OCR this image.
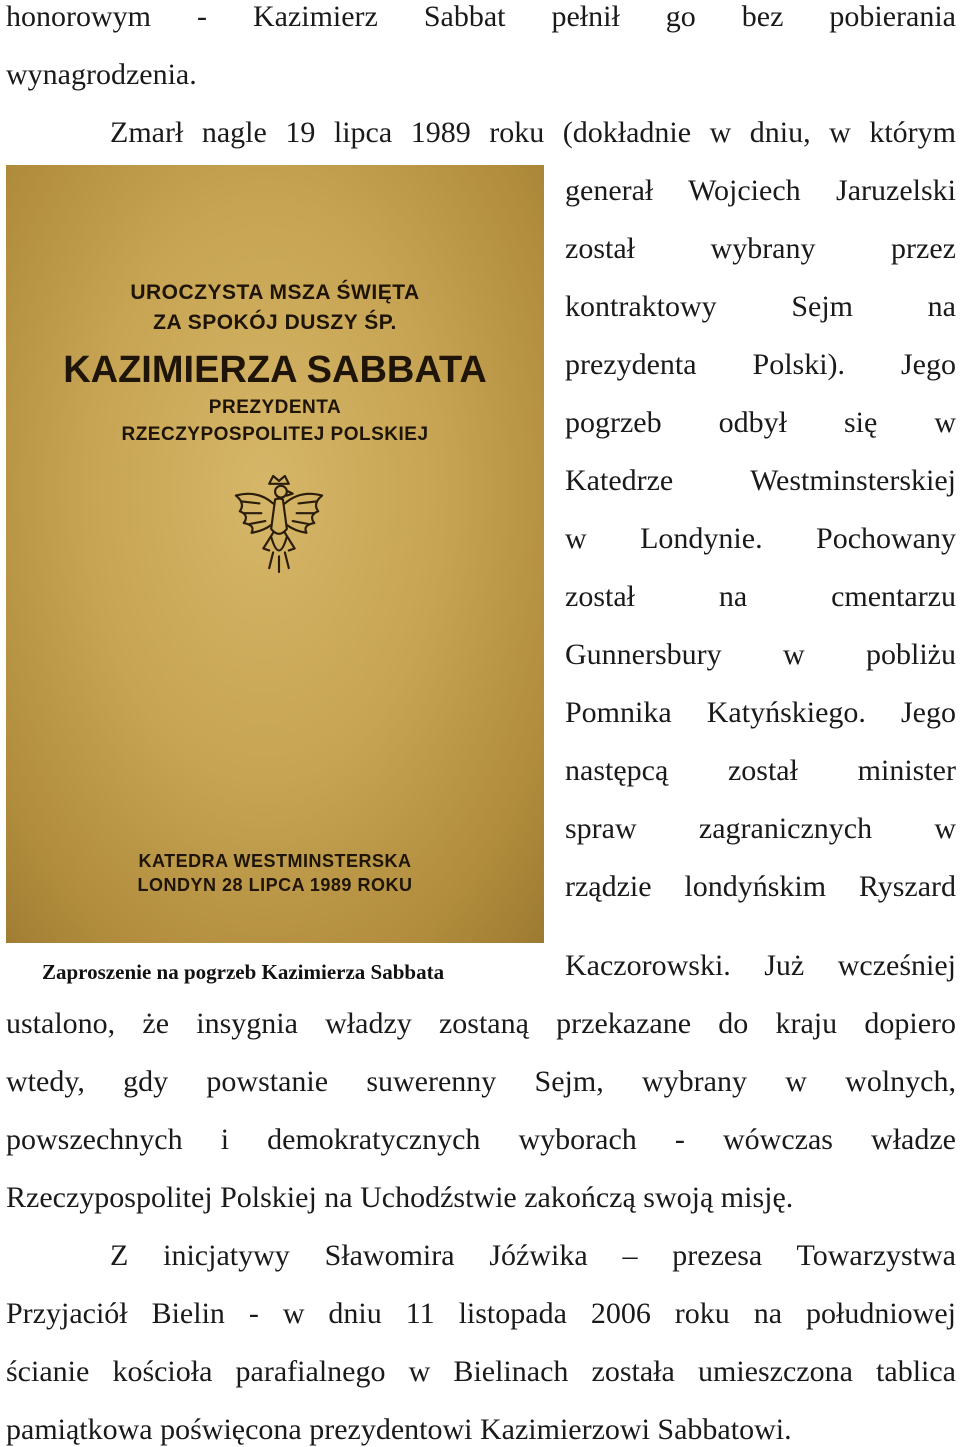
honorowym - Kazimierz Sabbat pełnił go bez pobierania
wynagrodzenia.
Zmarł nagle 19 lipca 1989 roku (dokładnie w dniu, w którym
UROCZYSTA MSZA ŚWIĘTA
ZA SPOKÓJ DUSZY ŚP.
KAZIMIERZA SABBATA
PREZYDENTA
RZECZYPOSPOLITEJ POLSKIEJ
KATEDRA WESTMINSTERSKA
LONDYN 28 LIPCA 1989 ROKU
generał Wojciech Jaruzelski
został wybrany przez
kontraktowy Sejm na
prezydenta Polski). Jego
pogrzeb odbył się w
Katedrze Westminsterskiej
w Londynie. Pochowany
został na cmentarzu
Gunnersbury w pobliżu
Pomnika Katyńskiego. Jego
następcą został minister
spraw zagranicznych w
rządzie londyńskim Ryszard
Kaczorowski. Już wcześniej
Zaproszenie na pogrzeb Kazimierza Sabbata
ustalono, że insygnia władzy zostaną przekazane do kraju dopiero
wtedy, gdy powstanie suwerenny Sejm, wybrany w wolnych,
powszechnych i demokratycznych wyborach - wówczas władze
Rzeczypospolitej Polskiej na Uchodźstwie zakończą swoją misję.
Z inicjatywy Sławomira Jóźwika – prezesa Towarzystwa
Przyjaciół Bielin - w dniu 11 listopada 2006 roku na południowej
ścianie kościoła parafialnego w Bielinach została umieszczona tablica
pamiątkowa poświęcona prezydentowi Kazimierzowi Sabbatowi.
